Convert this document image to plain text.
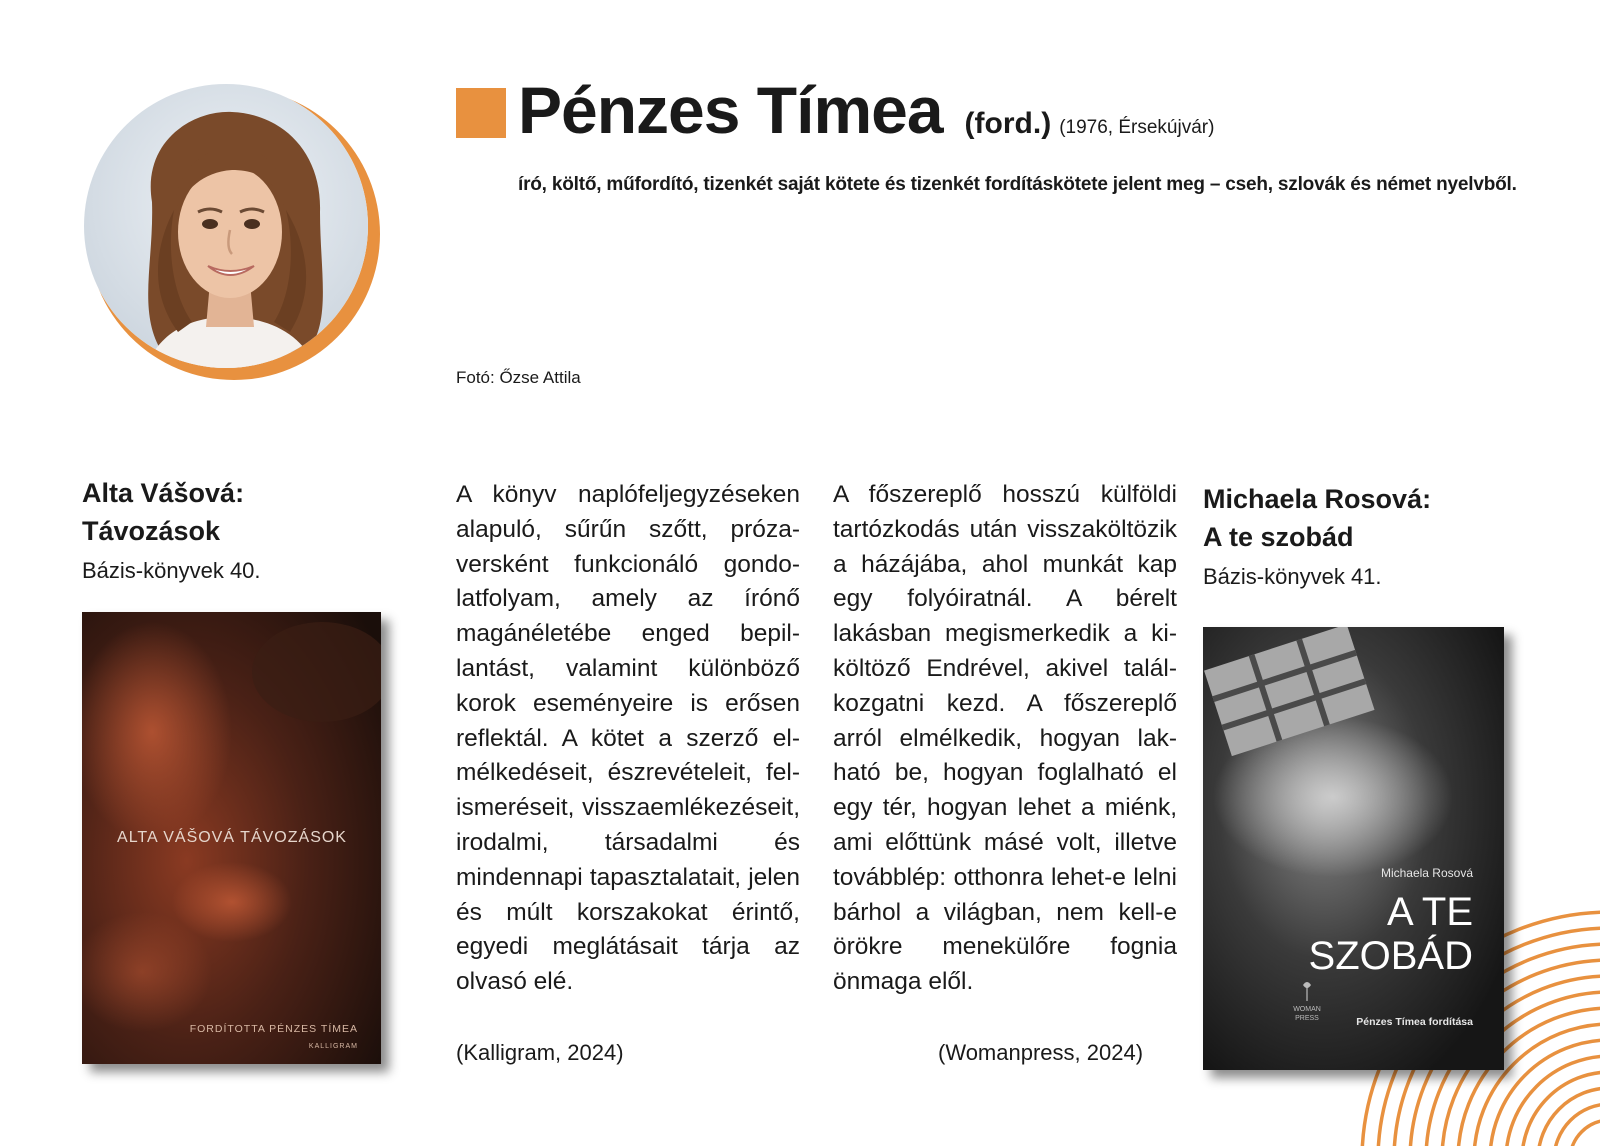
Pénzes Tímea (ford.) (1976, Érsekújvár)
író, költő, műfordító, tizenkét saját kötete és tizenkét fordításkötete jelent meg – cseh, szlovák és német nyelvből.
Fotó: Őzse Attila

Alta Vášová:

Távozások

Bázis-könyvek 40.
ALTA VÁŠOVÁ TÁVOZÁSOK
FORDÍTOTTA PÉNZES TÍMEA
KALLIGRAM
A könyv naplófeljegyzéseken alapuló, sűrűn szőtt, prózaversként funkcionáló gondolatfolyam, amely az írónő magánéletébe enged bepillantást, valamint különböző korok eseményeire is erősen reflektál. A kötet a szerző elmélkedéseit, észrevételeit, felismeréseit, visszaemlékezéseit, irodalmi, társadalmi és mindennapi tapasztalatait, jelen és múlt korszakokat érintő, egyedi meglátásait tárja az olvasó elé.
A főszereplő hosszú külföldi tartózkodás után visszaköltözik a házájába, ahol munkát kap egy folyóiratnál. A bérelt lakásban megismerkedik a kiköltöző Endrével, akivel találkozgatni kezd. A főszereplő arról elmélkedik, hogyan lakható be, hogyan foglalható el egy tér, hogyan lehet a miénk, ami előttünk másé volt, illetve továbblép: otthonra lehet-e lelni bárhol a világban, nem kell-e örökre menekülőre fognia önmaga elől.
(Kalligram, 2024)	(Womanpress, 2024)

Michaela Rosová:

A te szobád

Bázis-könyvek 41.
Michaela Rosová
A TE
SZOBÁD
WOMAN
PRESS	Pénzes Tímea fordítása
